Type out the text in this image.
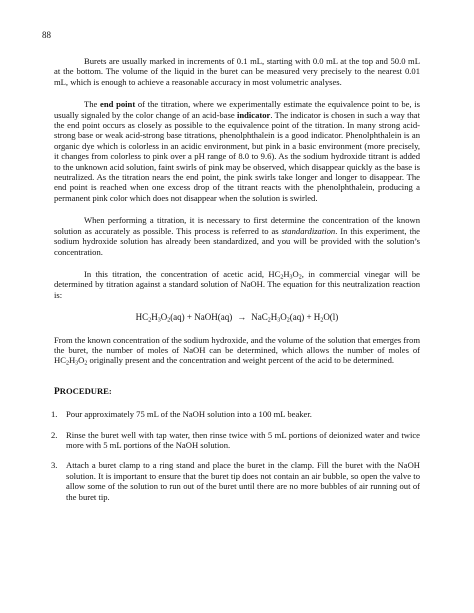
88

Burets are usually marked in increments of 0.1 mL, starting with 0.0 mL at the top and 50.0 mL at the bottom. The volume of the liquid in the buret can be measured very precisely to the nearest 0.01 mL, which is enough to achieve a reasonable accuracy in most volumetric analyses.

The end point of the titration, where we experimentally estimate the equivalence point to be, is usually signaled by the color change of an acid-base indicator. The indicator is chosen in such a way that the end point occurs as closely as possible to the equivalence point of the titration. In many strong acid-strong base or weak acid-strong base titrations, phenolphthalein is a good indicator. Phenolphthalein is an organic dye which is colorless in an acidic environment, but pink in a basic environment (more precisely, it changes from colorless to pink over a pH range of 8.0 to 9.6). As the sodium hydroxide titrant is added to the unknown acid solution, faint swirls of pink may be observed, which disappear quickly as the base is neutralized. As the titration nears the end point, the pink swirls take longer and longer to disappear. The end point is reached when one excess drop of the titrant reacts with the phenolphthalein, producing a permanent pink color which does not disappear when the solution is swirled.

When performing a titration, it is necessary to first determine the concentration of the known solution as accurately as possible. This process is referred to as standardization. In this experiment, the sodium hydroxide solution has already been standardized, and you will be provided with the solution’s concentration.

In this titration, the concentration of acetic acid, $HC_2H_3O_2$, in commercial vinegar will be determined by titration against a standard solution of NaOH. The equation for this neutralization reaction is:

$HC_2H_3O_2(aq)$ + NaOH(aq) → $NaC_2H_3O_2(aq) + H_2O(l)$

From the known concentration of the sodium hydroxide, and the volume of the solution that emerges from the buret, the number of moles of NaOH can be determined, which allows the number of moles of $HC_2H_3O_2$ originally present and the concentration and weight percent of the acid to be determined.

PROCEDURE:
1. Pour approximately 75 mL of the NaOH solution into a 100 mL beaker.
2. Rinse the buret well with tap water, then rinse twice with 5 mL portions of deionized water and twice more with 5 mL portions of the NaOH solution.
3. Attach a buret clamp to a ring stand and place the buret in the clamp. Fill the buret with the NaOH solution. It is important to ensure that the buret tip does not contain an air bubble, so open the valve to allow some of the solution to run out of the buret until there are no more bubbles of air running out of the buret tip.
